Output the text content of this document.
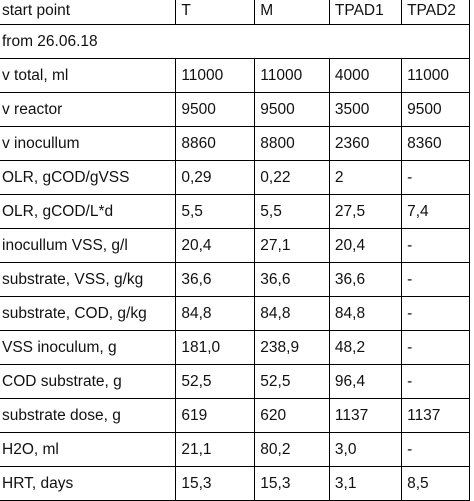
start point	T	M	TPAD1	TPAD2
from 26.06.18				
v total, ml	11000	11000	4000	11000
v reactor	9500	9500	3500	9500
v inocullum	8860	8800	2360	8360
OLR, gCOD/gVSS	0,29	0,22	2	-
OLR, gCOD/L*d	5,5	5,5	27,5	7,4
inocullum VSS, g/l	20,4	27,1	20,4	-
substrate, VSS, g/kg	36,6	36,6	36,6	-
substrate, COD, g/kg	84,8	84,8	84,8	-
VSS inoculum, g	181,0	238,9	48,2	-
COD substrate, g	52,5	52,5	96,4	-
substrate dose, g	619	620	1137	1137
H2O, ml	21,1	80,2	3,0	-
HRT, days	15,3	15,3	3,1	8,5
